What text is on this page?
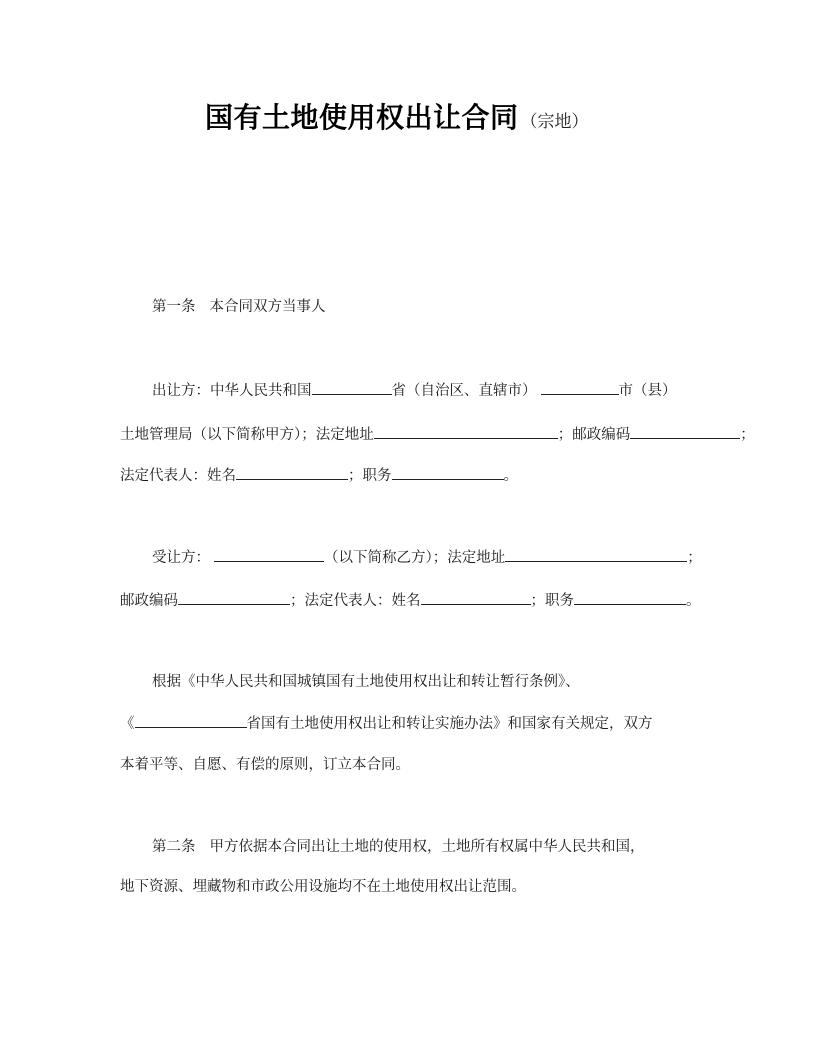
国有土地使用权出让合同 （宗地）
第一条 本合同双方当事人
出让方：中华人民共和国	省（自治区、直辖市）	市（县）
土地管理局（以下简称甲方）；法定地址	；邮政编码	；
法定代表人：姓名	；职务	。
受让方：	（以下简称乙方）；法定地址	；
邮政编码	；法定代表人：姓名	；职务	。
根据《中华人民共和国城镇国有土地使用权出让和转让暂行条例》、
《	省国有土地使用权出让和转让实施办法》和国家有关规定，双方
本着平等、自愿、有偿的原则，订立本合同。
第二条 甲方依据本合同出让土地的使用权，土地所有权属中华人民共和国，
地下资源、埋藏物和市政公用设施均不在土地使用权出让范围。
